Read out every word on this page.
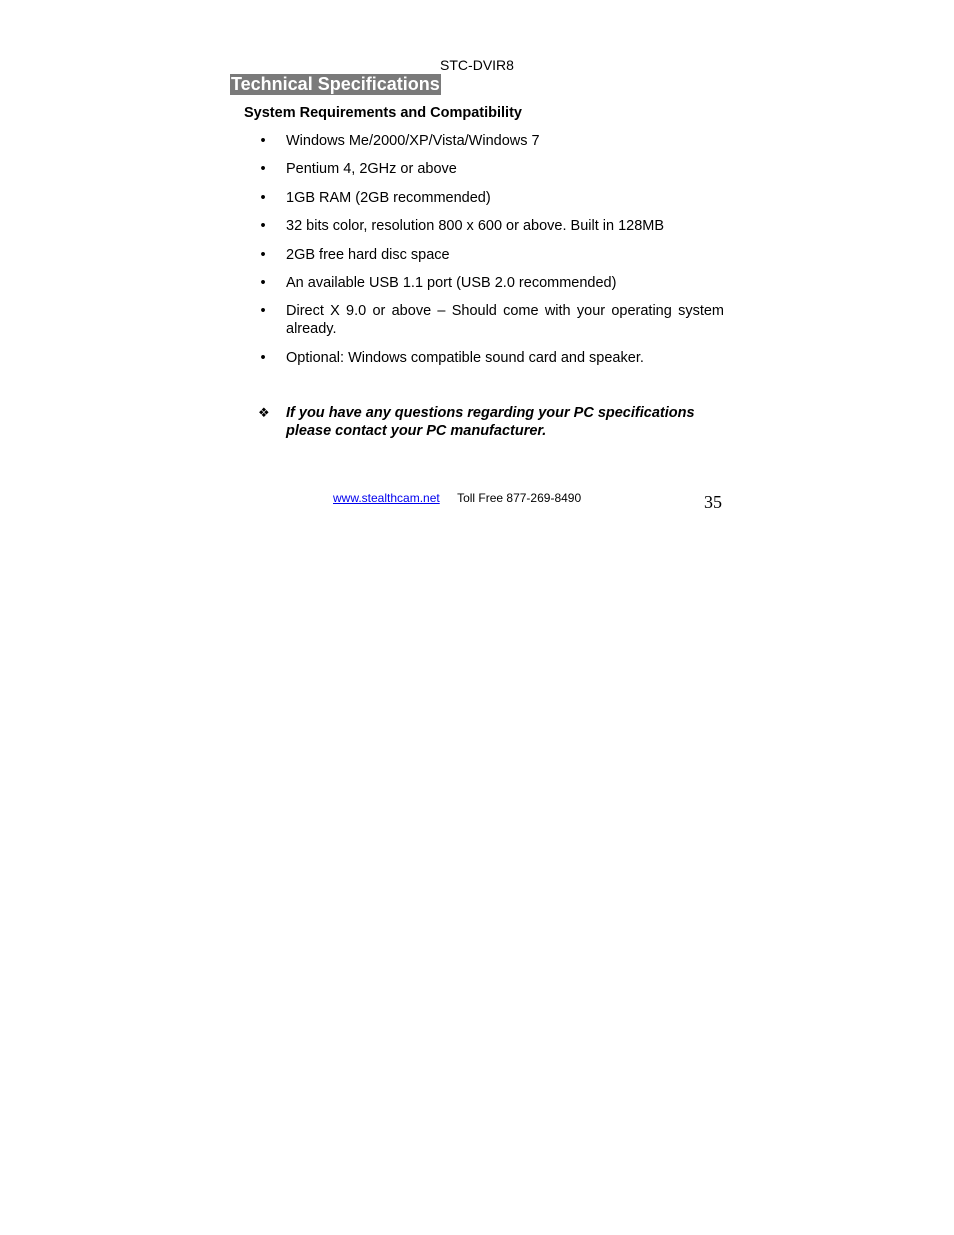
STC-DVIR8
Technical Specifications
System Requirements and Compatibility
•	Windows Me/2000/XP/Vista/Windows 7
•	Pentium 4, 2GHz or above
•	1GB RAM (2GB recommended)
•	32 bits color, resolution 800 x 600 or above. Built in 128MB
•	2GB free hard disc space
•	An available USB 1.1 port (USB 2.0 recommended)
•	Direct X 9.0 or above – Should come with your operating system already.
•	Optional: Windows compatible sound card and speaker.
❖ If you have any questions regarding your PC specifications please contact your PC manufacturer.
www.stealthcam.net Toll Free 877-269-8490	35
